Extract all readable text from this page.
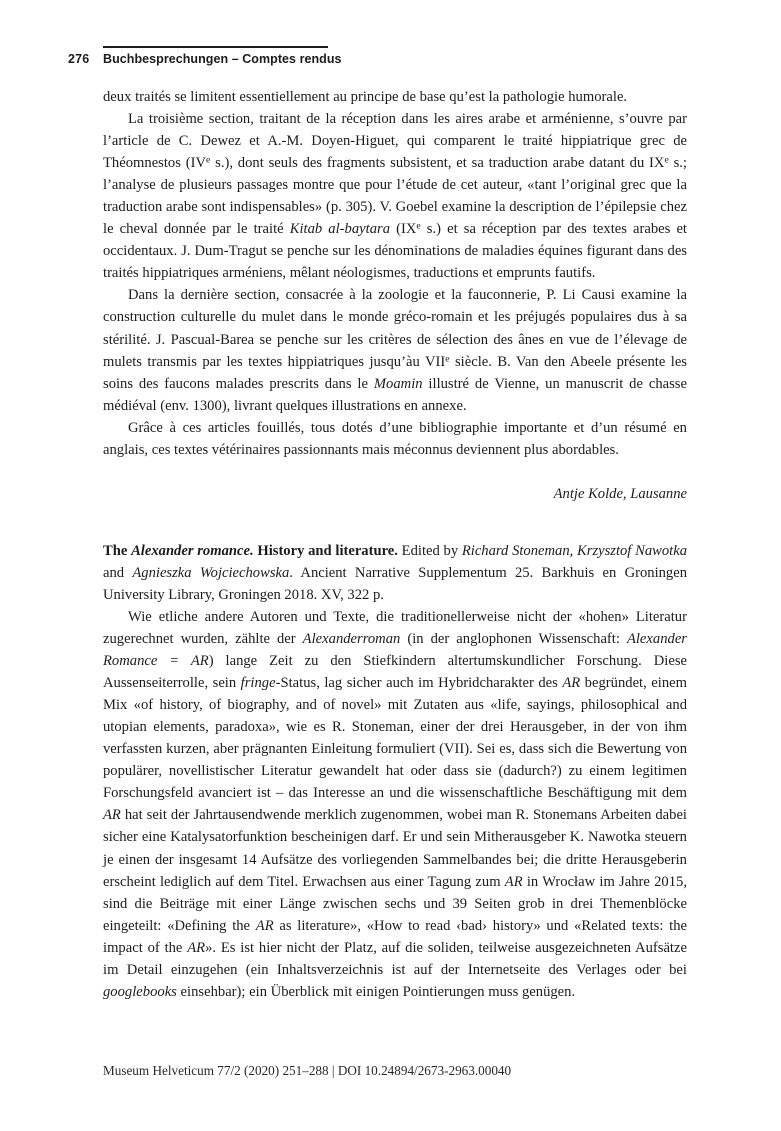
276 Buchbesprechungen – Comptes rendus

deux traités se limitent essentiellement au principe de base qu’est la pathologie humorale.

La troisième section, traitant de la réception dans les aires arabe et arménienne, s’ouvre par l’article de C. Dewez et A.-M. Doyen-Higuet, qui comparent le traité hippiatrique grec de Théomnestos (IVe s.), dont seuls des fragments subsistent, et sa traduction arabe datant du IXe s.; l’analyse de plusieurs passages montre que pour l’étude de cet auteur, «tant l’original grec que la traduction arabe sont indispensables» (p. 305). V. Goebel examine la description de l’épilepsie chez le cheval donnée par le traité Kitab al-baytara (IXe s.) et sa réception par des textes arabes et occidentaux. J. Dum-Tragut se penche sur les dénominations de maladies équines figurant dans des traités hippiatriques arméniens, mêlant néologismes, traductions et emprunts fautifs.

Dans la dernière section, consacrée à la zoologie et la fauconnerie, P. Li Causi examine la construction culturelle du mulet dans le monde gréco-romain et les préjugés populaires dus à sa stérilité. J. Pascual-Barea se penche sur les critères de sélection des ânes en vue de l’élevage de mulets transmis par les textes hippiatriques jusqu’àu VIIe siècle. B. Van den Abeele présente les soins des faucons malades prescrits dans le Moamin illustré de Vienne, un manuscrit de chasse médiéval (env. 1300), livrant quelques illustrations en annexe.

Grâce à ces articles fouillés, tous dotés d’une bibliographie importante et d’un résumé en anglais, ces textes vétérinaires passionnants mais méconnus deviennent plus abordables.

Antje Kolde, Lausanne

The Alexander romance. History and literature. Edited by Richard Stoneman, Krzysztof Nawotka and Agnieszka Wojciechowska. Ancient Narrative Supplementum 25. Barkhuis en Groningen University Library, Groningen 2018. XV, 322 p.

Wie etliche andere Autoren und Texte, die traditionellerweise nicht der «hohen» Literatur zugerechnet wurden, zählte der Alexanderroman (in der anglophonen Wissenschaft: Alexander Romance = AR) lange Zeit zu den Stiefkindern altertumskundlicher Forschung. Diese Aussenseiterrolle, sein fringe-Status, lag sicher auch im Hybridcharakter des AR begründet, einem Mix «of history, of biography, and of novel» mit Zutaten aus «life, sayings, philosophical and utopian elements, paradoxa», wie es R. Stoneman, einer der drei Herausgeber, in der von ihm verfassten kurzen, aber prägnanten Einleitung formuliert (VII). Sei es, dass sich die Bewertung von populärer, novellistischer Literatur gewandelt hat oder dass sie (dadurch?) zu einem legitimen Forschungsfeld avanciert ist – das Interesse an und die wissenschaftliche Beschäftigung mit dem AR hat seit der Jahrtausendwende merklich zugenommen, wobei man R. Stonemans Arbeiten dabei sicher eine Katalysatorfunktion bescheinigen darf. Er und sein Mitherausgeber K. Nawotka steuern je einen der insgesamt 14 Aufsätze des vorliegenden Sammelbandes bei; die dritte Herausgeberin erscheint lediglich auf dem Titel. Erwachsen aus einer Tagung zum AR in Wrocław im Jahre 2015, sind die Beiträge mit einer Länge zwischen sechs und 39 Seiten grob in drei Themenblöcke eingeteilt: «Defining the AR as literature», «How to read ‹bad› history» und «Related texts: the impact of the AR». Es ist hier nicht der Platz, auf die soliden, teilweise ausgezeichneten Aufsätze im Detail einzugehen (ein Inhaltsverzeichnis ist auf der Internetseite des Verlages oder bei googlebooks einsehbar); ein Überblick mit einigen Pointierungen muss genügen.

Museum Helveticum 77/2 (2020) 251–288 | DOI 10.24894/2673-2963.00040
